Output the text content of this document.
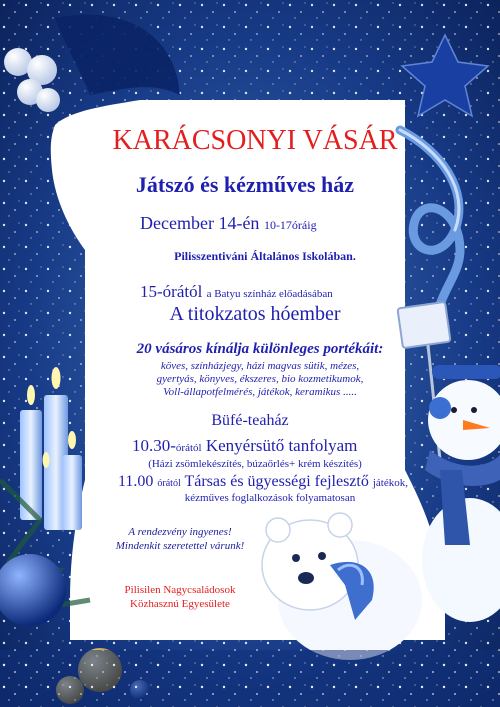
KARÁCSONYI VÁSÁR
Játszó és kézműves ház
December 14-én 10-17óráig
Pilisszentiváni Általános Iskolában.
15-órától a Batyu színház előadásában
A titokzatos hóember
20 vásáros kínálja különleges portékáit:
köves, színházjegy, házi magvas sütik, mézes,
gyertyás, könyves, ékszeres, bio kozmetikumok,
Voll-állapotfelmérés, játékok, keramikus .....
Büfé-teaház
10.30-órától Kenyérsütő tanfolyam
(Házi zsömlekészítés, búzaőrlés+ krém készítés)
11.00 órától Társas és ügyességi fejlesztő játékok,
kézműves foglalkozások folyamatosan
A rendezvény ingyenes!
Mindenkit szeretettel várunk!
Pilisilen Nagycsaládosok
Közhasznú Egyesülete
